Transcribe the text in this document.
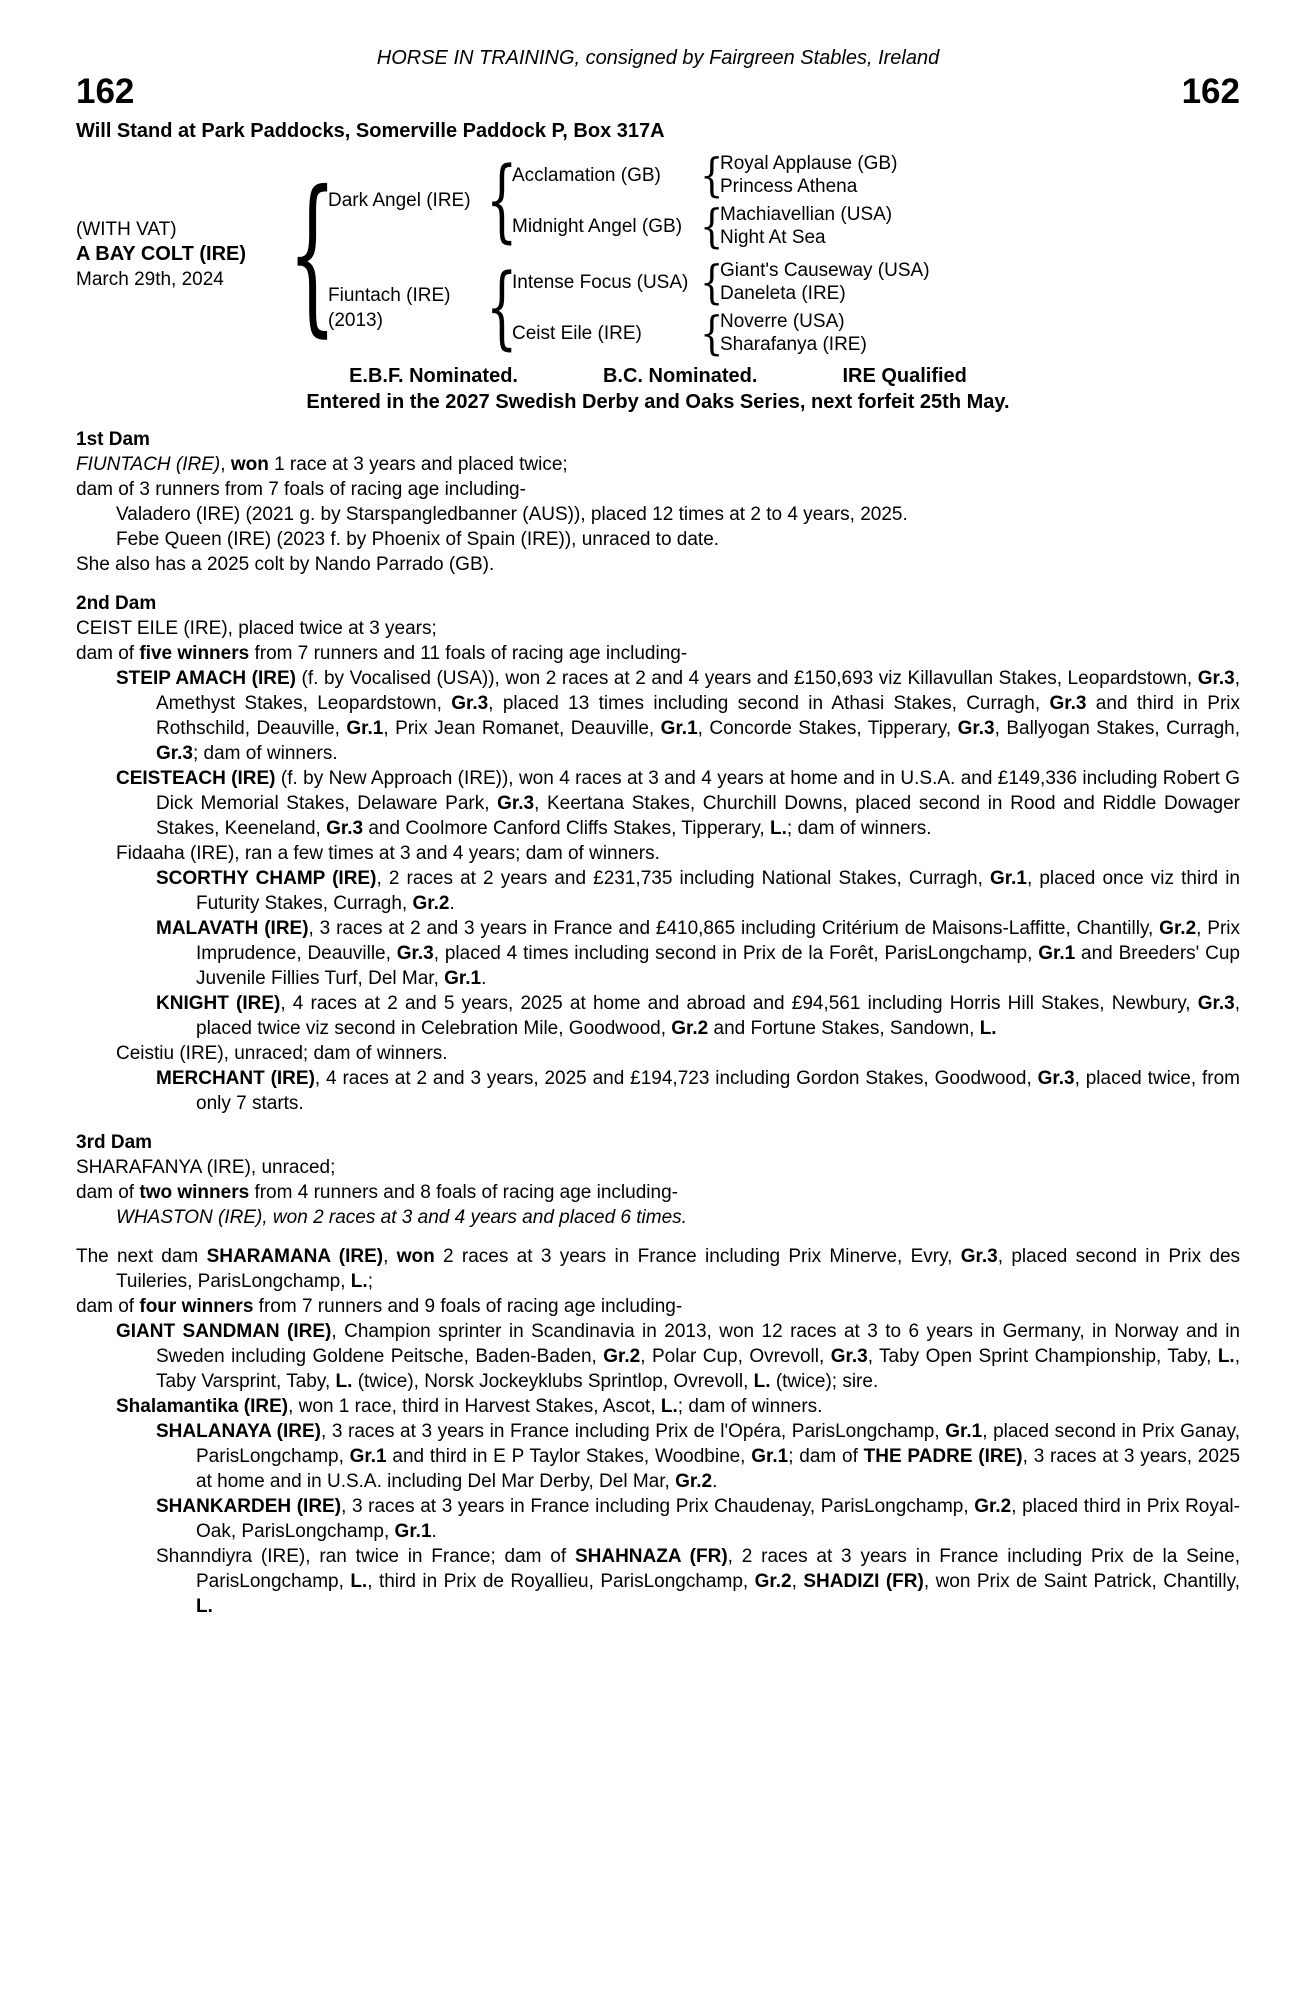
HORSE IN TRAINING, consigned by Fairgreen Stables, Ireland
162	162
Will Stand at Park Paddocks, Somerville Paddock P, Box 317A
(WITH VAT)
A BAY COLT (IRE)
March 29th, 2024
{
Dark Angel (IRE)
{
Acclamation (GB)
{
Royal Applause (GB)
Princess Athena
Midnight Angel (GB)
{
Machiavellian (USA)
Night At Sea
Fiuntach (IRE)
(2013)
{
Intense Focus (USA)
{
Giant's Causeway (USA)
Daneleta (IRE)
Ceist Eile (IRE)
{
Noverre (USA)
Sharafanya (IRE)
E.B.F. Nominated.	B.C. Nominated.	IRE Qualified
Entered in the 2027 Swedish Derby and Oaks Series, next forfeit 25th May.
1st Dam
FIUNTACH (IRE), won 1 race at 3 years and placed twice;
dam of 3 runners from 7 foals of racing age including-
Valadero (IRE) (2021 g. by Starspangledbanner (AUS)), placed 12 times at 2 to 4 years, 2025.
Febe Queen (IRE) (2023 f. by Phoenix of Spain (IRE)), unraced to date.
She also has a 2025 colt by Nando Parrado (GB).
2nd Dam
CEIST EILE (IRE), placed twice at 3 years;
dam of five winners from 7 runners and 11 foals of racing age including-
STEIP AMACH (IRE) (f. by Vocalised (USA)), won 2 races at 2 and 4 years and £150,693 viz Killavullan Stakes, Leopardstown, Gr.3, Amethyst Stakes, Leopardstown, Gr.3, placed 13 times including second in Athasi Stakes, Curragh, Gr.3 and third in Prix Rothschild, Deauville, Gr.1, Prix Jean Romanet, Deauville, Gr.1, Concorde Stakes, Tipperary, Gr.3, Ballyogan Stakes, Curragh, Gr.3; dam of winners.
CEISTEACH (IRE) (f. by New Approach (IRE)), won 4 races at 3 and 4 years at home and in U.S.A. and £149,336 including Robert G Dick Memorial Stakes, Delaware Park, Gr.3, Keertana Stakes, Churchill Downs, placed second in Rood and Riddle Dowager Stakes, Keeneland, Gr.3 and Coolmore Canford Cliffs Stakes, Tipperary, L.; dam of winners.
Fidaaha (IRE), ran a few times at 3 and 4 years; dam of winners.
SCORTHY CHAMP (IRE), 2 races at 2 years and £231,735 including National Stakes, Curragh, Gr.1, placed once viz third in Futurity Stakes, Curragh, Gr.2.
MALAVATH (IRE), 3 races at 2 and 3 years in France and £410,865 including Critérium de Maisons-Laffitte, Chantilly, Gr.2, Prix Imprudence, Deauville, Gr.3, placed 4 times including second in Prix de la Forêt, ParisLongchamp, Gr.1 and Breeders' Cup Juvenile Fillies Turf, Del Mar, Gr.1.
KNIGHT (IRE), 4 races at 2 and 5 years, 2025 at home and abroad and £94,561 including Horris Hill Stakes, Newbury, Gr.3, placed twice viz second in Celebration Mile, Goodwood, Gr.2 and Fortune Stakes, Sandown, L.
Ceistiu (IRE), unraced; dam of winners.
MERCHANT (IRE), 4 races at 2 and 3 years, 2025 and £194,723 including Gordon Stakes, Goodwood, Gr.3, placed twice, from only 7 starts.
3rd Dam
SHARAFANYA (IRE), unraced;
dam of two winners from 4 runners and 8 foals of racing age including-
WHASTON (IRE), won 2 races at 3 and 4 years and placed 6 times.
The next dam SHARAMANA (IRE), won 2 races at 3 years in France including Prix Minerve, Evry, Gr.3, placed second in Prix des Tuileries, ParisLongchamp, L.;
dam of four winners from 7 runners and 9 foals of racing age including-
GIANT SANDMAN (IRE), Champion sprinter in Scandinavia in 2013, won 12 races at 3 to 6 years in Germany, in Norway and in Sweden including Goldene Peitsche, Baden-Baden, Gr.2, Polar Cup, Ovrevoll, Gr.3, Taby Open Sprint Championship, Taby, L., Taby Varsprint, Taby, L. (twice), Norsk Jockeyklubs Sprintlop, Ovrevoll, L. (twice); sire.
Shalamantika (IRE), won 1 race, third in Harvest Stakes, Ascot, L.; dam of winners.
SHALANAYA (IRE), 3 races at 3 years in France including Prix de l'Opéra, ParisLongchamp, Gr.1, placed second in Prix Ganay, ParisLongchamp, Gr.1 and third in E P Taylor Stakes, Woodbine, Gr.1; dam of THE PADRE (IRE), 3 races at 3 years, 2025 at home and in U.S.A. including Del Mar Derby, Del Mar, Gr.2.
SHANKARDEH (IRE), 3 races at 3 years in France including Prix Chaudenay, ParisLongchamp, Gr.2, placed third in Prix Royal-Oak, ParisLongchamp, Gr.1.
Shanndiyra (IRE), ran twice in France; dam of SHAHNAZA (FR), 2 races at 3 years in France including Prix de la Seine, ParisLongchamp, L., third in Prix de Royallieu, ParisLongchamp, Gr.2, SHADIZI (FR), won Prix de Saint Patrick, Chantilly, L.
